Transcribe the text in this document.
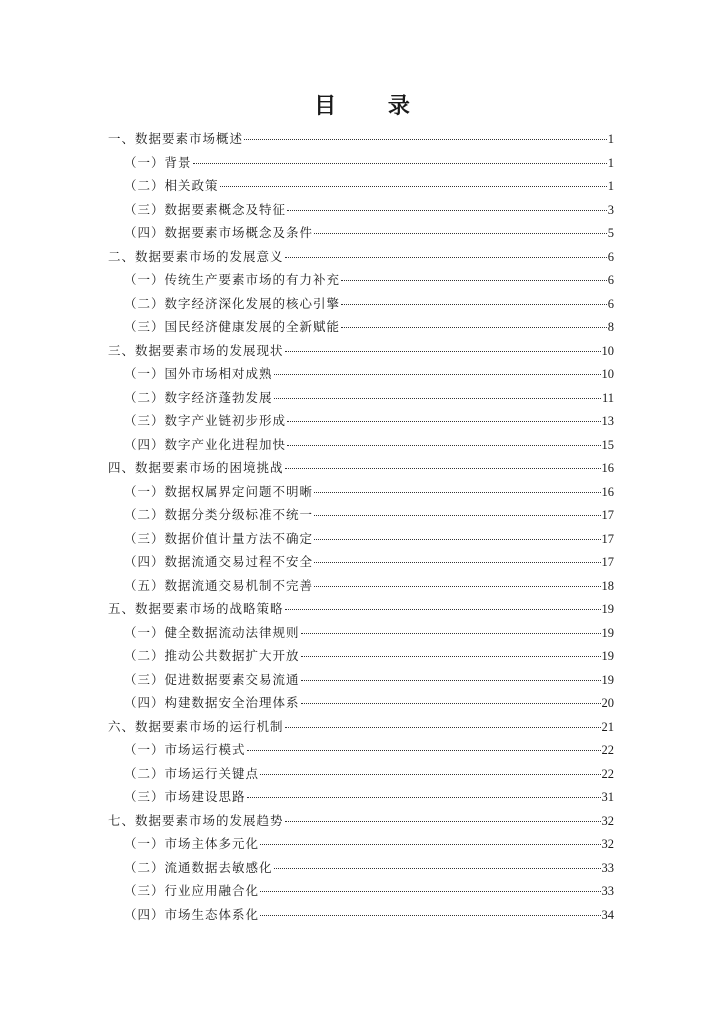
目 录
一、数据要素市场概述	1
（一）背景	1
（二）相关政策	1
（三）数据要素概念及特征	3
（四）数据要素市场概念及条件	5
二、数据要素市场的发展意义	6
（一）传统生产要素市场的有力补充	6
（二）数字经济深化发展的核心引擎	6
（三）国民经济健康发展的全新赋能	8
三、数据要素市场的发展现状	10
（一）国外市场相对成熟	10
（二）数字经济蓬勃发展	11
（三）数字产业链初步形成	13
（四）数字产业化进程加快	15
四、数据要素市场的困境挑战	16
（一）数据权属界定问题不明晰	16
（二）数据分类分级标准不统一	17
（三）数据价值计量方法不确定	17
（四）数据流通交易过程不安全	17
（五）数据流通交易机制不完善	18
五、数据要素市场的战略策略	19
（一）健全数据流动法律规则	19
（二）推动公共数据扩大开放	19
（三）促进数据要素交易流通	19
（四）构建数据安全治理体系	20
六、数据要素市场的运行机制	21
（一）市场运行模式	22
（二）市场运行关键点	22
（三）市场建设思路	31
七、数据要素市场的发展趋势	32
（一）市场主体多元化	32
（二）流通数据去敏感化	33
（三）行业应用融合化	33
（四）市场生态体系化	34
